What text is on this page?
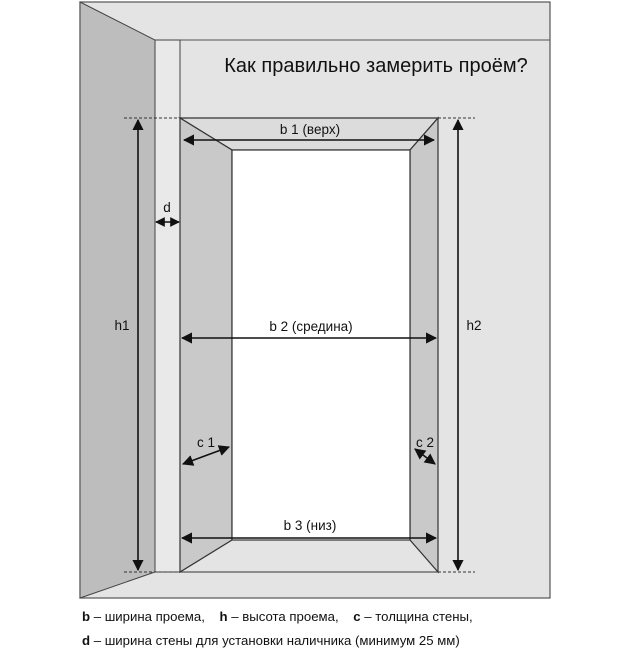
Как правильно замерить проём?
b 1 (верх)
b 2 (средина)
b 3 (низ)
h1	h2
d
c 1	c 2
b – ширина проема, h – высота проема, c – толщина стены,
d – ширина стены для установки наличника (минимум 25 мм)
